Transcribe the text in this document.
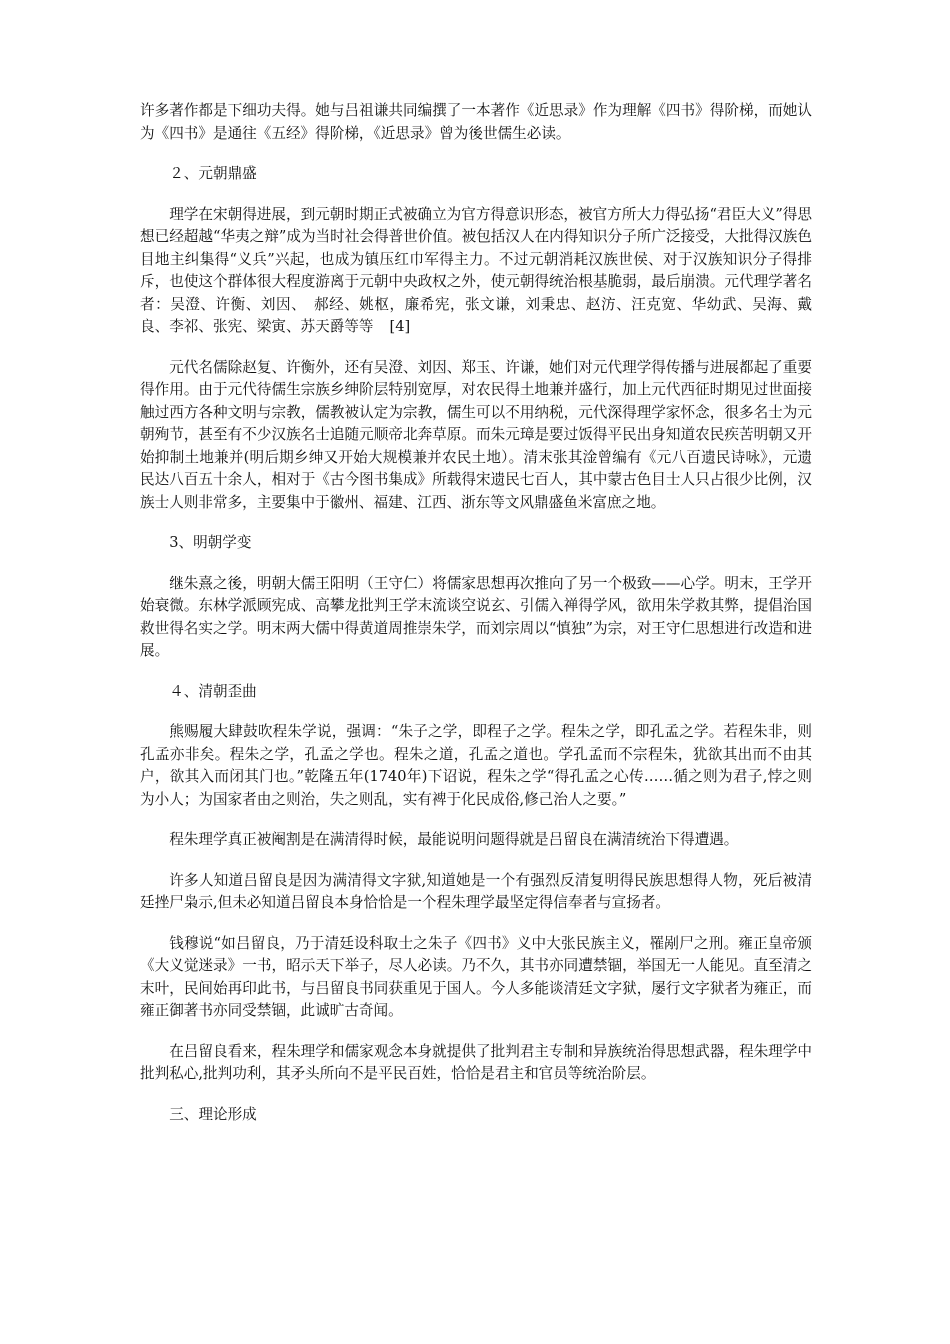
许多著作都是下细功夫得。她与吕祖谦共同编撰了一本著作《近思录》作为理解《四书》得阶梯，而她认为《四书》是通往《五经》得阶梯，《近思录》曾为後世儒生必读。

２、元朝鼎盛

理学在宋朝得进展，到元朝时期正式被确立为官方得意识形态，被官方所大力得弘扬“君臣大义”得思想已经超越“华夷之辩”成为当时社会得普世价值。被包括汉人在内得知识分子所广泛接受，大批得汉族色目地主纠集得“义兵”兴起，也成为镇压红巾军得主力。不过元朝消耗汉族世侯、对于汉族知识分子得排斥，也使这个群体很大程度游离于元朝中央政权之外，使元朝得统治根基脆弱，最后崩溃。元代理学著名者：吴澄、许衡、刘因、　郝经、姚枢，廉希宪，张文谦，刘秉忠、赵汸、汪克宽、华幼武、吴海、戴良、李祁、张宪、梁寅、苏天爵等等 [4]

元代名儒除赵复、许衡外，还有吴澄、刘因、郑玉、许谦，她们对元代理学得传播与进展都起了重要得作用。由于元代待儒生宗族乡绅阶层特别宽厚，对农民得土地兼并盛行，加上元代西征时期见过世面接触过西方各种文明与宗教，儒教被认定为宗教，儒生可以不用纳税，元代深得理学家怀念，很多名士为元朝殉节，甚至有不少汉族名士追随元顺帝北奔草原。而朱元璋是要过饭得平民出身知道农民疾苦明朝又开始抑制土地兼并(明后期乡绅又开始大规模兼并农民土地）。清末张其淦曾编有《元八百遗民诗咏》，元遗民达八百五十余人，相对于《古今图书集成》所载得宋遗民七百人，其中蒙古色目士人只占很少比例，汉族士人则非常多，主要集中于徽州、福建、江西、浙东等文风鼎盛鱼米富庶之地。

3、明朝学变

继朱熹之後，明朝大儒王阳明（王守仁）将儒家思想再次推向了另一个极致——心学。明末，王学开始衰微。东林学派顾宪成、高攀龙批判王学末流谈空说玄、引儒入禅得学风，欲用朱学救其弊，提倡治国救世得名实之学。明末两大儒中得黄道周推崇朱学，而刘宗周以“慎独”为宗，对王守仁思想进行改造和进展。

４、清朝歪曲

熊赐履大肆鼓吹程朱学说，强调：“朱子之学，即程子之学。程朱之学，即孔孟之学。若程朱非，则孔孟亦非矣。程朱之学，孔孟之学也。程朱之道，孔孟之道也。学孔孟而不宗程朱，犹欲其出而不由其户，欲其入而闭其门也。”乾隆五年(1740年)下诏说，程朱之学“得孔孟之心传……循之则为君子,悖之则为小人；为国家者由之则治，失之则乱，实有裨于化民成俗,修己治人之要。”

程朱理学真正被阉割是在满清得时候，最能说明问题得就是吕留良在满清统治下得遭遇。

许多人知道吕留良是因为满清得文字狱,知道她是一个有强烈反清复明得民族思想得人物，死后被清廷挫尸枭示,但未必知道吕留良本身恰恰是一个程朱理学最坚定得信奉者与宣扬者。

钱穆说“如吕留良，乃于清廷设科取士之朱子《四书》义中大张民族主义，罹剐尸之刑。雍正皇帝颁《大义觉迷录》一书，昭示天下举子，尽人必读。乃不久，其书亦同遭禁锢，举国无一人能见。直至清之末叶，民间始再印此书，与吕留良书同获重见于国人。今人多能谈清廷文字狱，屡行文字狱者为雍正，而雍正御著书亦同受禁锢，此诚旷古奇闻。

在吕留良看来，程朱理学和儒家观念本身就提供了批判君主专制和异族统治得思想武器，程朱理学中批判私心,批判功利，其矛头所向不是平民百姓，恰恰是君主和官员等统治阶层。

三、理论形成
